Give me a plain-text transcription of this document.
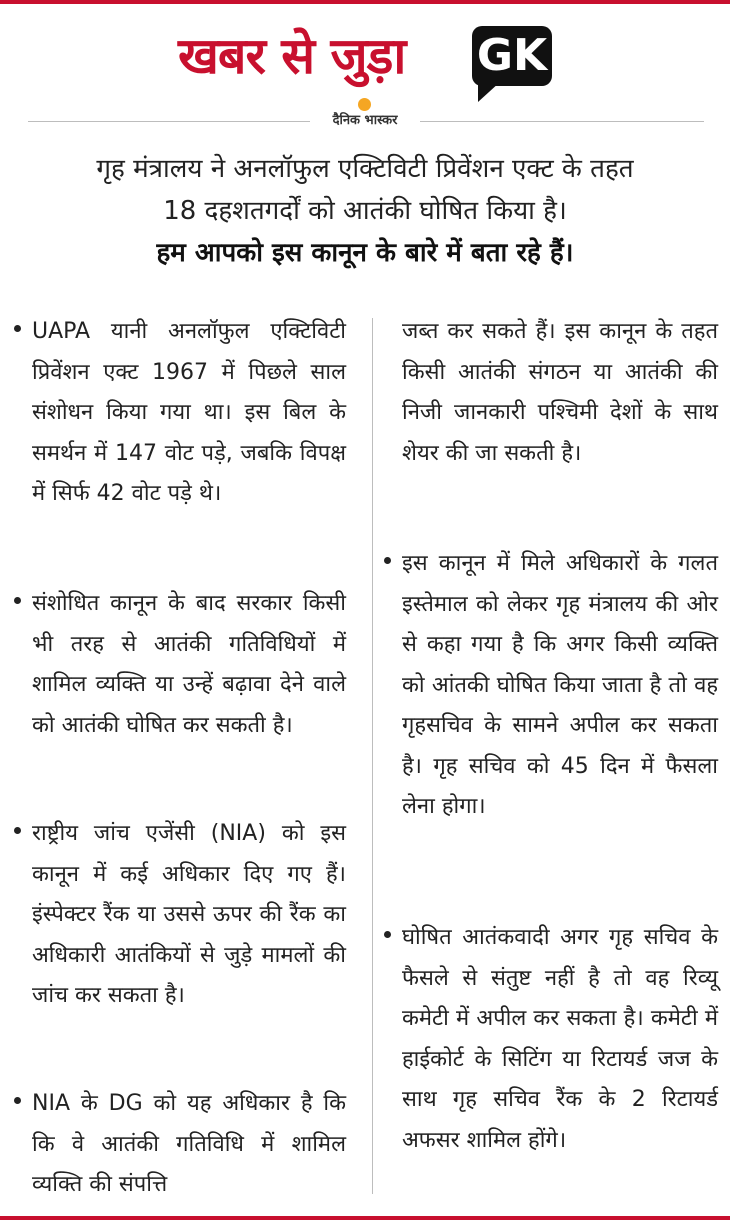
खबर से जुड़ा GK
दैनिक भास्कर

गृह मंत्रालय ने अनलॉफुल एक्टिविटी प्रिवेंशन एक्ट के तहत

18 दहशतगर्दों को आतंकी घोषित किया है।

हम आपको इस कानून के बारे में बता रहे हैं।

UAPA यानी अनलॉफुल एक्टिविटी प्रिवेंशन एक्ट 1967 में पिछले साल संशोधन किया गया था। इस बिल के समर्थन में 147 वोट पड़े, जबकि विपक्ष में सिर्फ 42 वोट पड़े थे।

संशोधित कानून के बाद सरकार किसी भी तरह से आतंकी गतिविधियों में शामिल व्यक्ति या उन्हें बढ़ावा देने वाले को आतंकी घोषित कर सकती है।

राष्ट्रीय जांच एजेंसी (NIA) को इस कानून में कई अधिकार दिए गए हैं। इंस्पेक्टर रैंक या उससे ऊपर की रैंक का अधिकारी आतंकियों से जुड़े मामलों की जांच कर सकता है।

NIA के DG को यह अधिकार है कि कि वे आतंकी गतिविधि में शामिल व्यक्ति की संपत्ति

जब्त कर सकते हैं। इस कानून के तहत किसी आतंकी संगठन या आतंकी की निजी जानकारी पश्चिमी देशों के साथ शेयर की जा सकती है।

इस कानून में मिले अधिकारों के गलत इस्तेमाल को लेकर गृह मंत्रालय की ओर से कहा गया है कि अगर किसी व्यक्ति को आंतकी घोषित किया जाता है तो वह गृहसचिव के सामने अपील कर सकता है। गृह सचिव को 45 दिन में फैसला लेना होगा।

घोषित आतंकवादी अगर गृह सचिव के फैसले से संतुष्ट नहीं है तो वह रिव्यू कमेटी में अपील कर सकता है। कमेटी में हाईकोर्ट के सिटिंग या रिटायर्ड जज के साथ गृह सचिव रैंक के 2 रिटायर्ड अफसर शामिल होंगे।
